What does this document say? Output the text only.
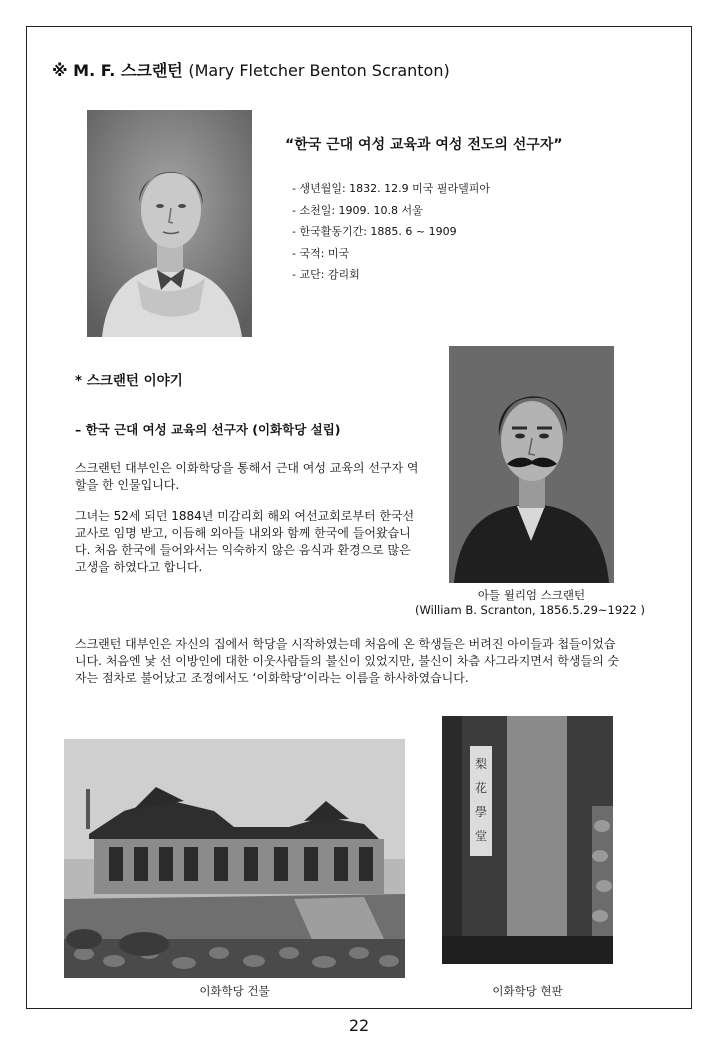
※ M. F. 스크랜턴 (Mary Fletcher Benton Scranton)
“한국 근대 여성 교육과 여성 전도의 선구자”
- 생년월일: 1832. 12.9 미국 필라델피아
- 소천일: 1909. 10.8 서울
- 한국활동기간: 1885. 6 ~ 1909
- 국적: 미국
- 교단: 감리회
아들 윌리엄 스크랜턴
(William B. Scranton, 1856.5.29~1922 )
* 스크랜턴 이야기
– 한국 근대 여성 교육의 선구자 (이화학당 설립)

스크랜턴 대부인은 이화학당을 통해서 근대 여성 교육의 선구자 역할을 한 인물입니다.

그녀는 52세 되던 1884년 미감리회 해외 여선교회로부터 한국선교사로 임명 받고, 이듬해 외아들 내외와 함께 한국에 들어왔습니다. 처음 한국에 들어와서는 익숙하지 않은 음식과 환경으로 많은 고생을 하였다고 합니다.

스크랜턴 대부인은 자신의 집에서 학당을 시작하였는데 처음에 온 학생들은 버려진 아이들과 첩들이었습니다. 처음엔 낯 선 이방인에 대한 이웃사람들의 불신이 있었지만, 불신이 차츰 사그라지면서 학생들의 숫자는 점차로 불어났고 조정에서도 ‘이화학당’이라는 이름을 하사하였습니다.

이화학당 건물
梨花學堂
이화학당 현판
22
